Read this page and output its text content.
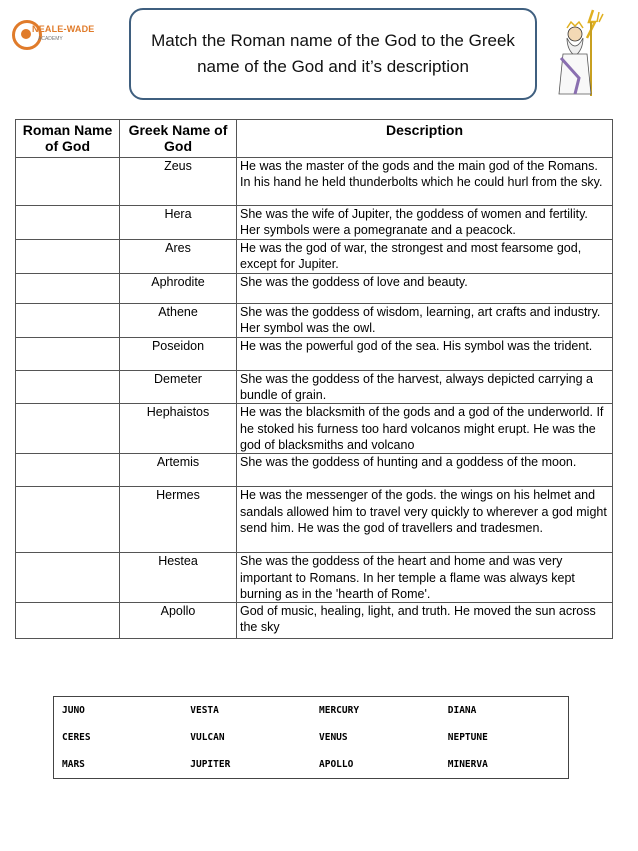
NEALE-WADE
ACADEMY	Match the Roman name of the God to the Greek name of the God and it’s description
Roman Name of God	Greek Name of God	Description
	Zeus	He was the master of the gods and the main god of the Romans. In his hand he held thunderbolts which he could hurl from the sky.
	Hera	She was the wife of Jupiter, the goddess of women and fertility. Her symbols were a pomegranate and a peacock.
	Ares	He was the god of war, the strongest and most fearsome god, except for Jupiter.
	Aphrodite	She was the goddess of love and beauty.
	Athene	She was the goddess of wisdom, learning, art crafts and industry. Her symbol was the owl.
	Poseidon	He was the powerful god of the sea. His symbol was the trident.
	Demeter	She was the goddess of the harvest, always depicted carrying a bundle of grain.
	Hephaistos	He was the blacksmith of the gods and a god of the underworld. If he stoked his furness too hard volcanos might erupt. He was the god of blacksmiths and volcano
	Artemis	She was the goddess of hunting and a goddess of the moon.
	Hermes	He was the messenger of the gods. the wings on his helmet and sandals allowed him to travel very quickly to wherever a god might send him. He was the god of travellers and tradesmen.
	Hestea	She was the goddess of the heart and home and was very important to Romans. In her temple a flame was always kept burning as in the 'hearth of Rome'.
	Apollo	God of music, healing, light, and truth. He moved the sun across the sky
JUNO	VESTA	MERCURY	DIANA
CERES	VULCAN	VENUS	NEPTUNE
MARS	JUPITER	APOLLO	MINERVA
